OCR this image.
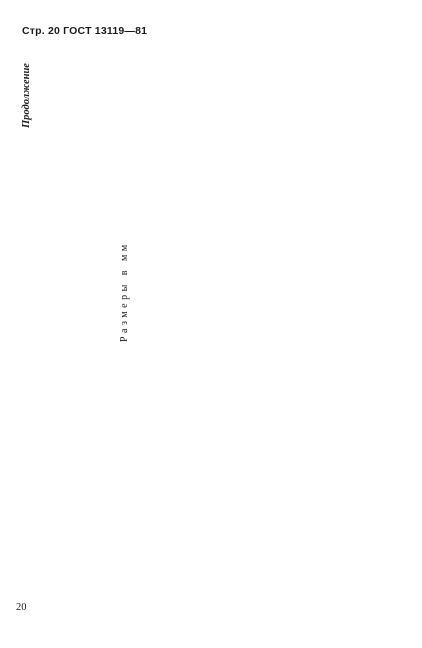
Стр. 20 ГОСТ 13119—81
20
Продолжение
Размеры в мм
